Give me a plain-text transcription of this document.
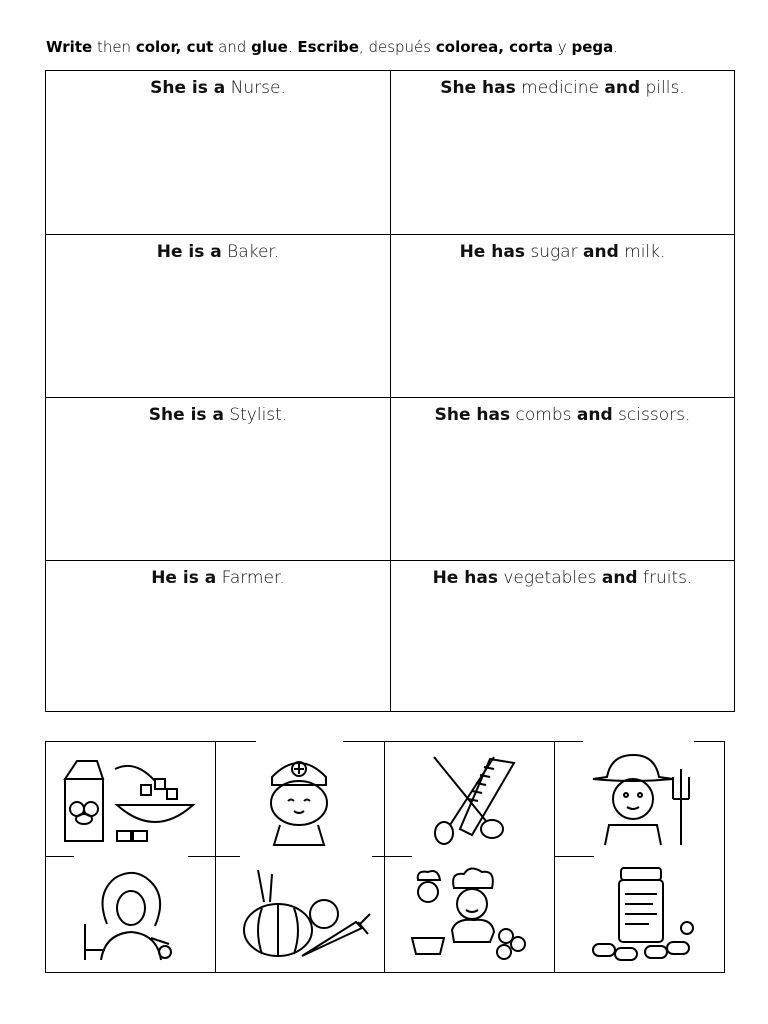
Write then color, cut and glue. Escribe, después colorea, corta y pega.
She is a Nurse.	She has medicine and pills.
He is a Baker.	He has sugar and milk.
She is a Stylist.	She has combs and scissors.
He is a Farmer.	He has vegetables and fruits.
